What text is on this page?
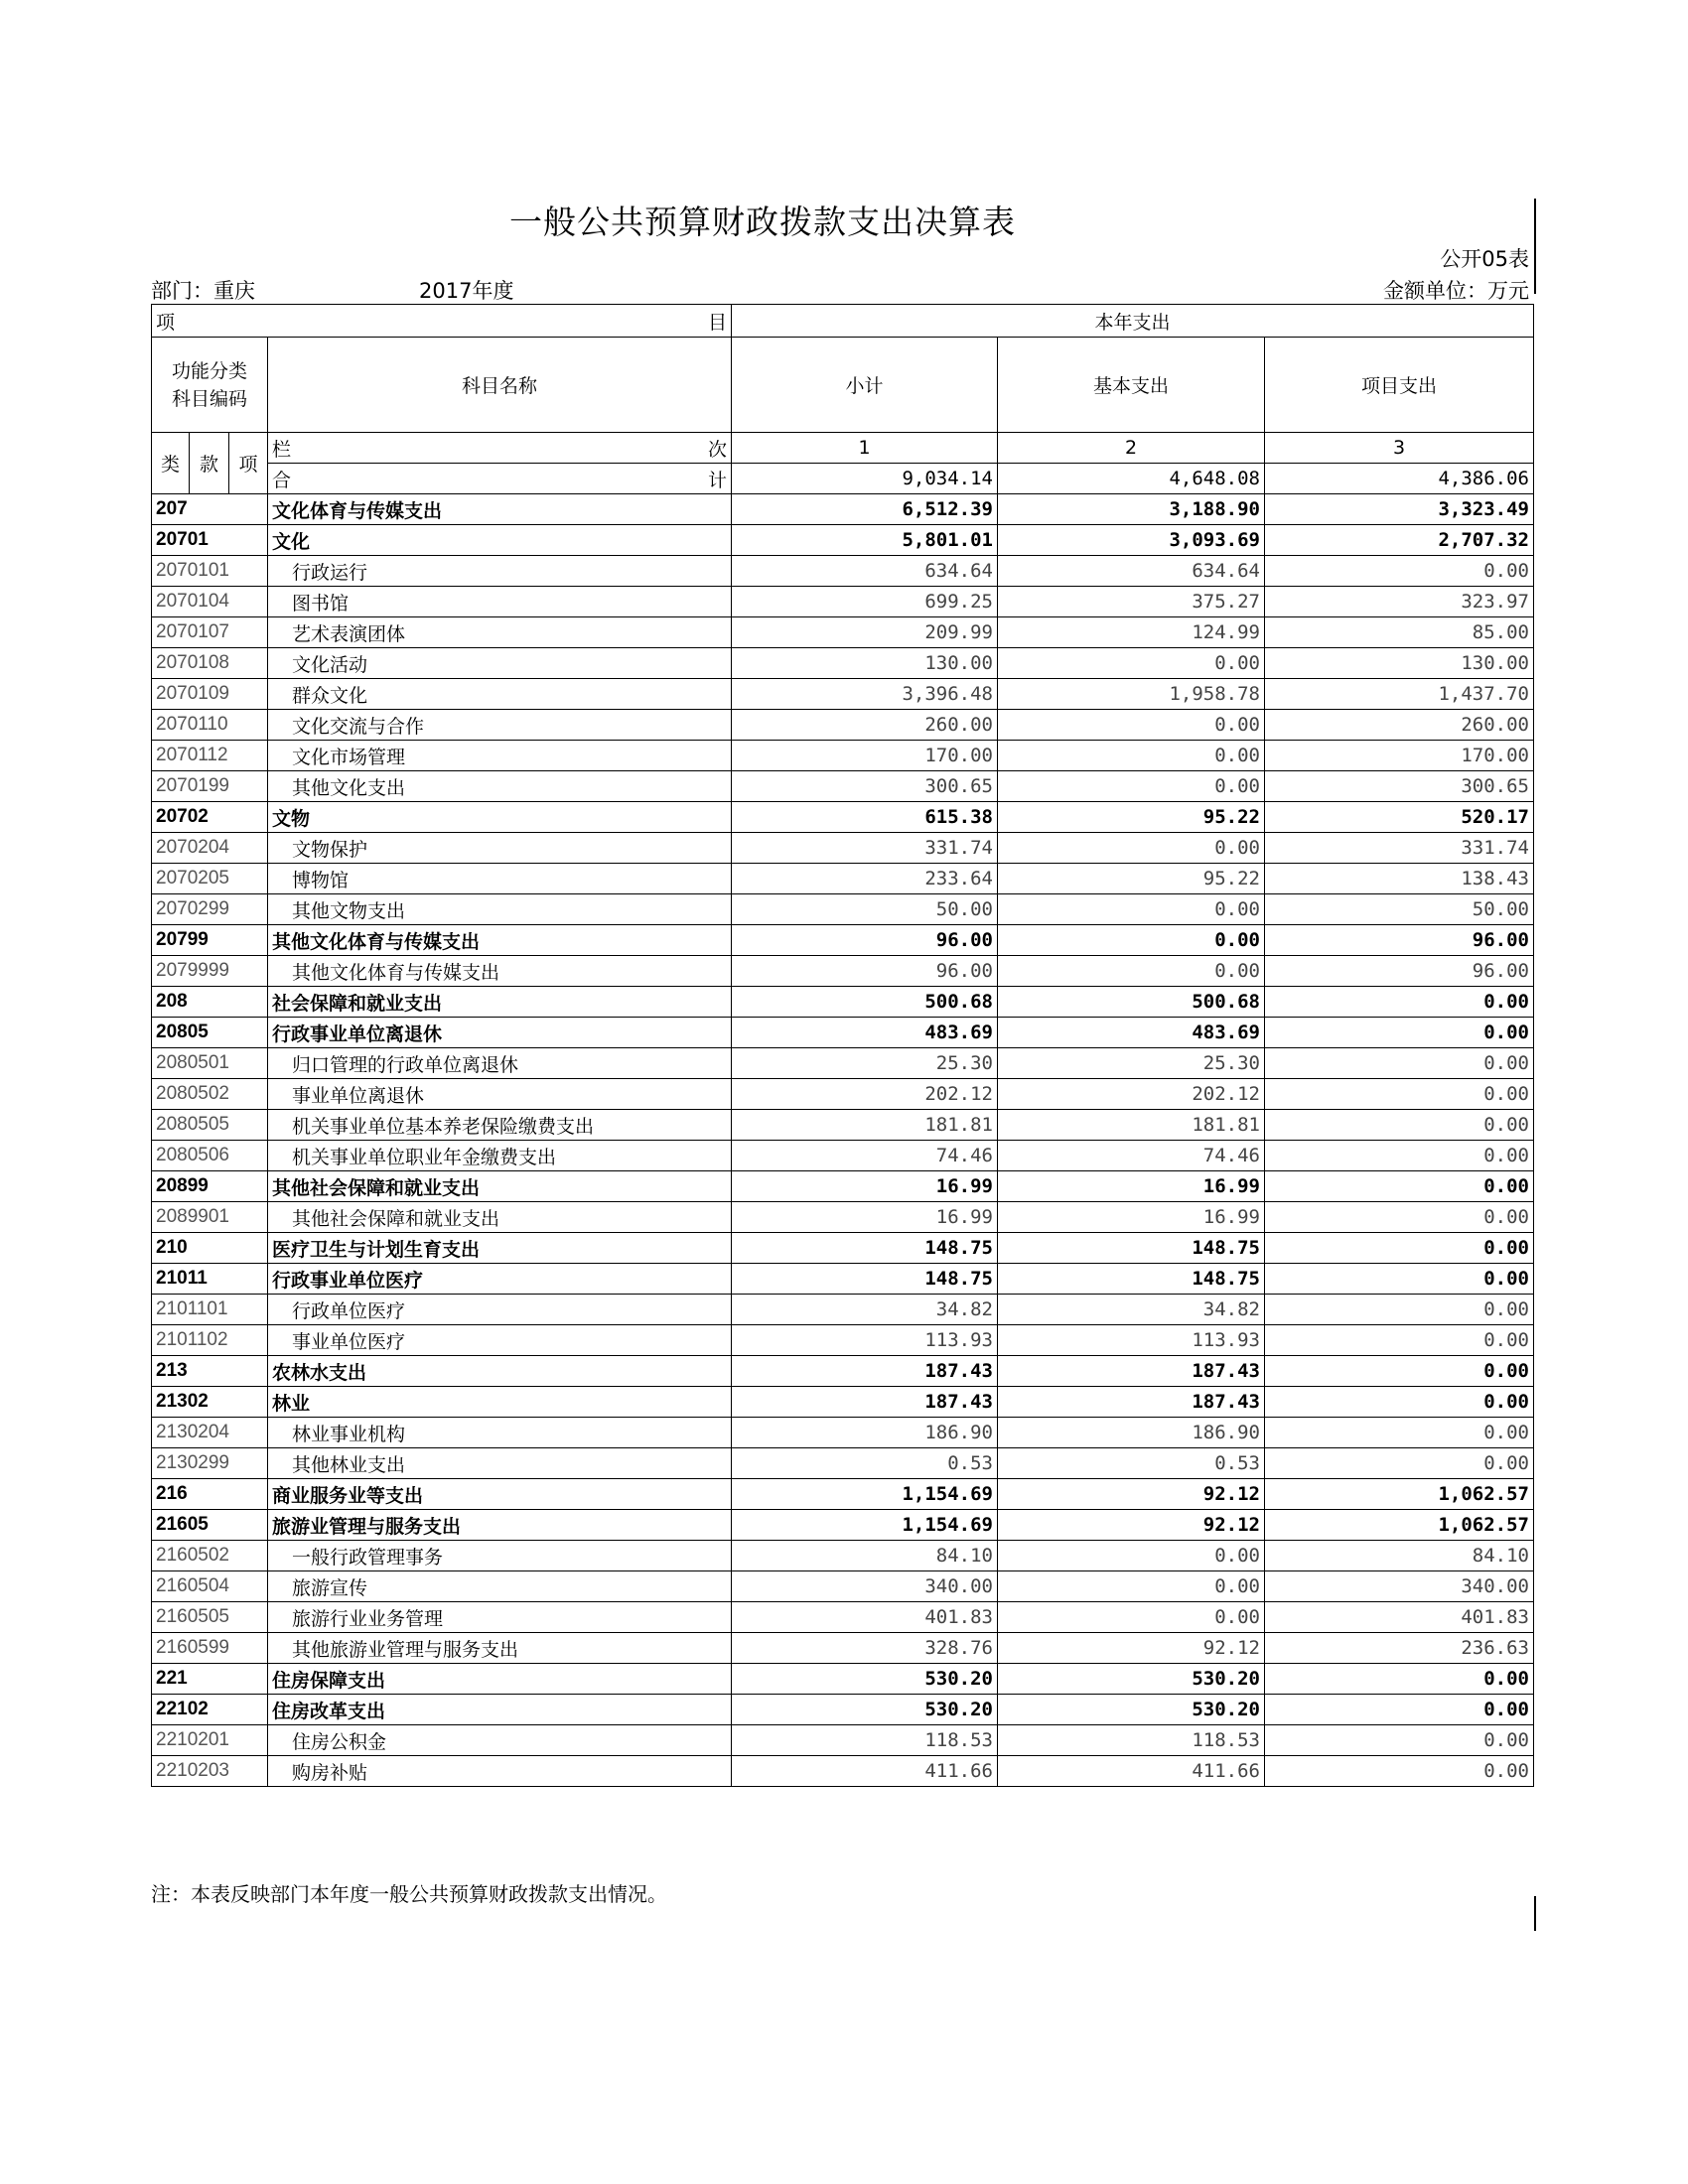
一般公共预算财政拨款支出决算表
公开05表
部门：重庆	2017年度	金额单位：万元
项 目				本年支出		

功能分类
科目编码			科目名称	小计	基本支出	项目支出
类	款	项	栏 次	1	2	3

			合 计	9,034.14	4,648.08	4,386.06
207			文化体育与传媒支出	6,512.39	3,188.90	3,323.49
20701			文化	5,801.01	3,093.69	2,707.32
2070101			行政运行	634.64	634.64	0.00
2070104			图书馆	699.25	375.27	323.97
2070107			艺术表演团体	209.99	124.99	85.00
2070108			文化活动	130.00	0.00	130.00
2070109			群众文化	3,396.48	1,958.78	1,437.70
2070110			文化交流与合作	260.00	0.00	260.00
2070112			文化市场管理	170.00	0.00	170.00
2070199			其他文化支出	300.65	0.00	300.65
20702			文物	615.38	95.22	520.17
2070204			文物保护	331.74	0.00	331.74
2070205			博物馆	233.64	95.22	138.43
2070299			其他文物支出	50.00	0.00	50.00
20799			其他文化体育与传媒支出	96.00	0.00	96.00
2079999			其他文化体育与传媒支出	96.00	0.00	96.00
208			社会保障和就业支出	500.68	500.68	0.00
20805			行政事业单位离退休	483.69	483.69	0.00
2080501			归口管理的行政单位离退休	25.30	25.30	0.00
2080502			事业单位离退休	202.12	202.12	0.00
2080505			机关事业单位基本养老保险缴费支出	181.81	181.81	0.00
2080506			机关事业单位职业年金缴费支出	74.46	74.46	0.00
20899			其他社会保障和就业支出	16.99	16.99	0.00
2089901			其他社会保障和就业支出	16.99	16.99	0.00
210			医疗卫生与计划生育支出	148.75	148.75	0.00
21011			行政事业单位医疗	148.75	148.75	0.00
2101101			行政单位医疗	34.82	34.82	0.00
2101102			事业单位医疗	113.93	113.93	0.00
213			农林水支出	187.43	187.43	0.00
21302			林业	187.43	187.43	0.00
2130204			林业事业机构	186.90	186.90	0.00
2130299			其他林业支出	0.53	0.53	0.00
216			商业服务业等支出	1,154.69	92.12	1,062.57
21605			旅游业管理与服务支出	1,154.69	92.12	1,062.57
2160502			一般行政管理事务	84.10	0.00	84.10
2160504			旅游宣传	340.00	0.00	340.00
2160505			旅游行业业务管理	401.83	0.00	401.83
2160599			其他旅游业管理与服务支出	328.76	92.12	236.63
221			住房保障支出	530.20	530.20	0.00
22102			住房改革支出	530.20	530.20	0.00
2210201			住房公积金	118.53	118.53	0.00
2210203			购房补贴	411.66	411.66	0.00
注：本表反映部门本年度一般公共预算财政拨款支出情况。
